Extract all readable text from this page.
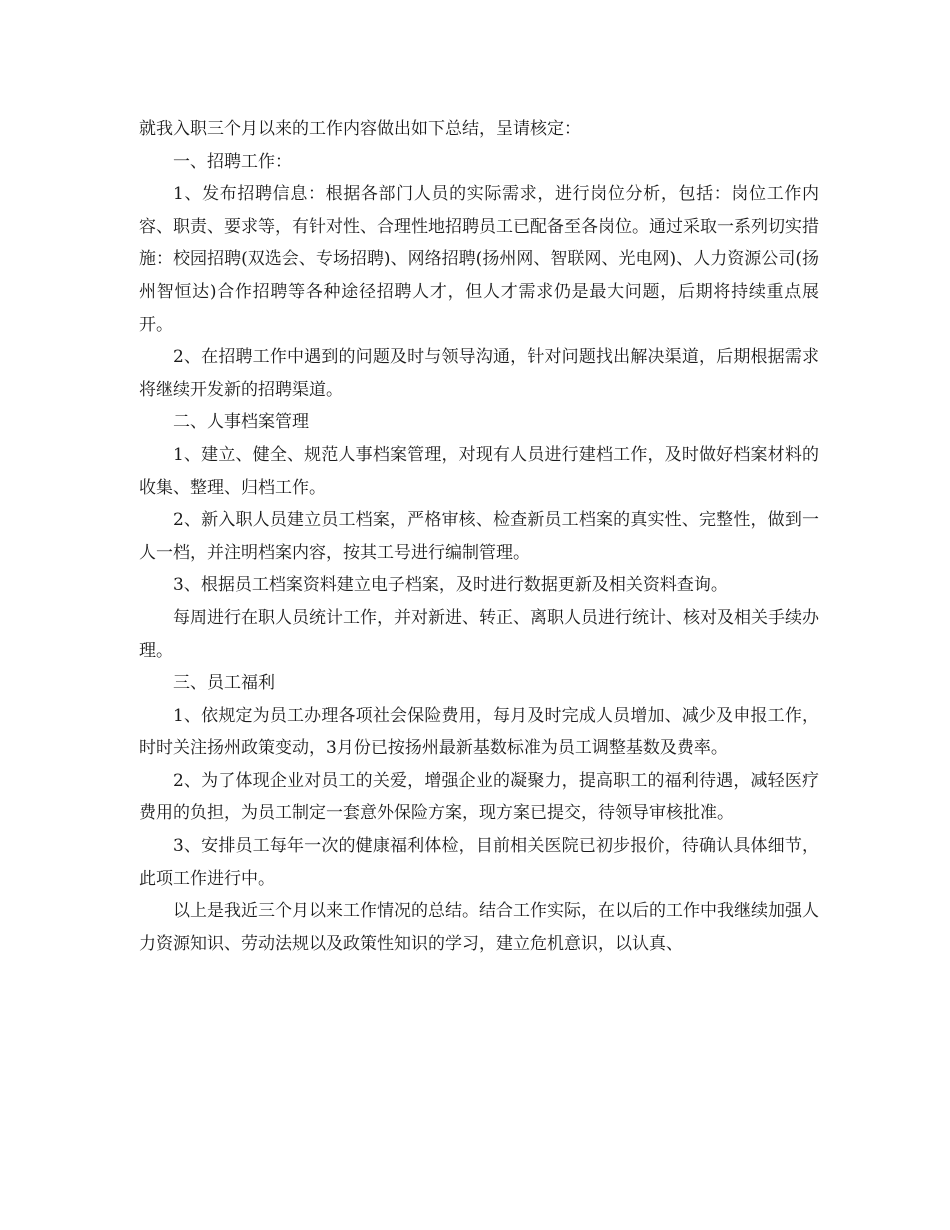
就我入职三个月以来的工作内容做出如下总结，呈请核定：

一、招聘工作：

1、发布招聘信息：根据各部门人员的实际需求，进行岗位分析，包括：岗位工作内容、职责、要求等，有针对性、合理性地招聘员工已配备至各岗位。通过采取一系列切实措施：校园招聘(双选会、专场招聘)、网络招聘(扬州网、智联网、光电网)、人力资源公司(扬州智恒达)合作招聘等各种途径招聘人才，但人才需求仍是最大问题，后期将持续重点展开。

2、在招聘工作中遇到的问题及时与领导沟通，针对问题找出解决渠道，后期根据需求将继续开发新的招聘渠道。

二、人事档案管理

1、建立、健全、规范人事档案管理，对现有人员进行建档工作，及时做好档案材料的收集、整理、归档工作。

2、新入职人员建立员工档案，严格审核、检查新员工档案的真实性、完整性，做到一人一档，并注明档案内容，按其工号进行编制管理。

3、根据员工档案资料建立电子档案，及时进行数据更新及相关资料查询。

每周进行在职人员统计工作，并对新进、转正、离职人员进行统计、核对及相关手续办理。

三、员工福利

1、依规定为员工办理各项社会保险费用，每月及时完成人员增加、减少及申报工作，时时关注扬州政策变动，3月份已按扬州最新基数标准为员工调整基数及费率。

2、为了体现企业对员工的关爱，增强企业的凝聚力，提高职工的福利待遇，减轻医疗费用的负担，为员工制定一套意外保险方案，现方案已提交，待领导审核批准。

3、安排员工每年一次的健康福利体检，目前相关医院已初步报价，待确认具体细节，此项工作进行中。

以上是我近三个月以来工作情况的总结。结合工作实际，在以后的工作中我继续加强人力资源知识、劳动法规以及政策性知识的学习，建立危机意识，以认真、
